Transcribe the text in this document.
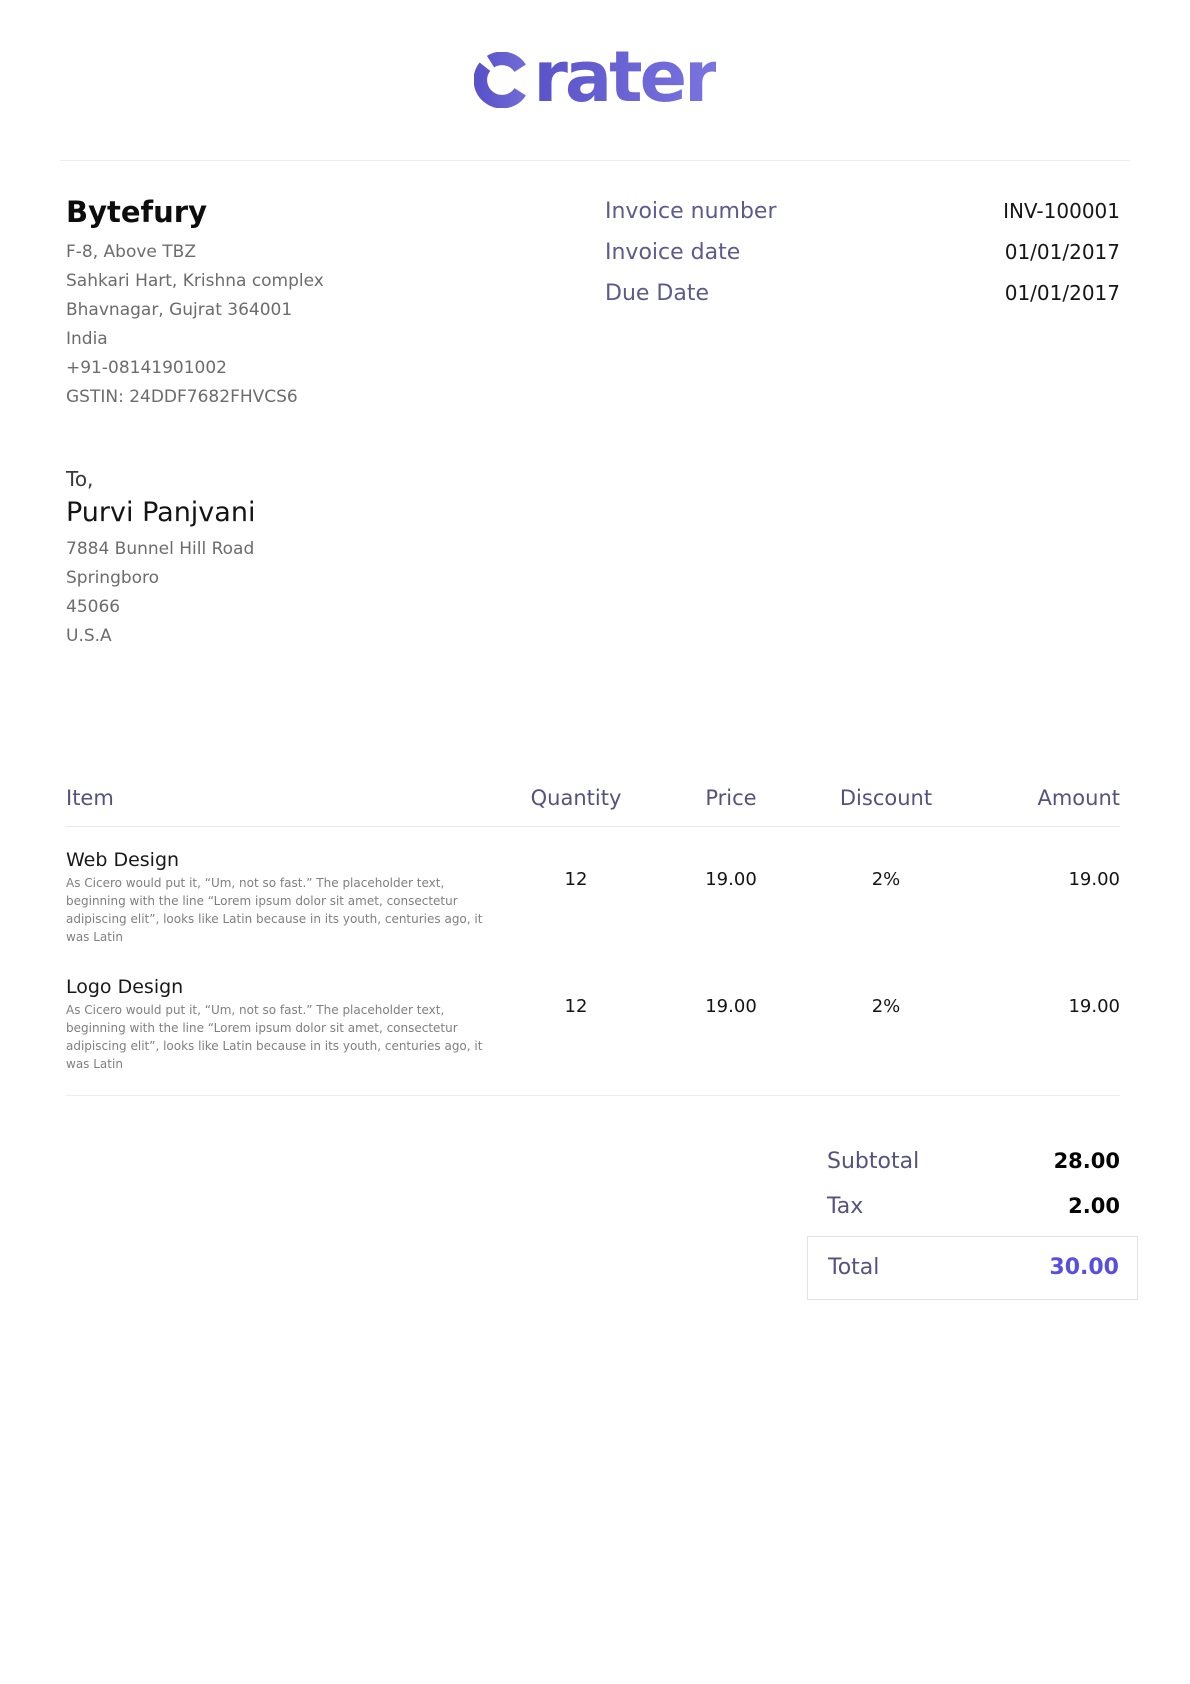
rater
Bytefury
F-8, Above TBZ
Sahkari Hart, Krishna complex
Bhavnagar, Gujrat 364001
India
+91-08141901002
GSTIN: 24DDF7682FHVCS6
Invoice number	INV-100001
Invoice date	01/01/2017
Due Date	01/01/2017
To,
Purvi Panjvani
7884 Bunnel Hill Road
Springboro
45066
U.S.A
Item	Quantity	Price	Discount	Amount

Web Design
As Cicero would put it, “Um, not so fast.” The placeholder text, beginning with the line “Lorem ipsum dolor sit amet, consectetur adipiscing elit”, looks like Latin because in its youth, centuries ago, it was Latin	12	19.00	2%	19.00

Logo Design
As Cicero would put it, “Um, not so fast.” The placeholder text, beginning with the line “Lorem ipsum dolor sit amet, consectetur adipiscing elit”, looks like Latin because in its youth, centuries ago, it was Latin	12	19.00	2%	19.00
Subtotal	28.00
Tax	2.00
Total	30.00
